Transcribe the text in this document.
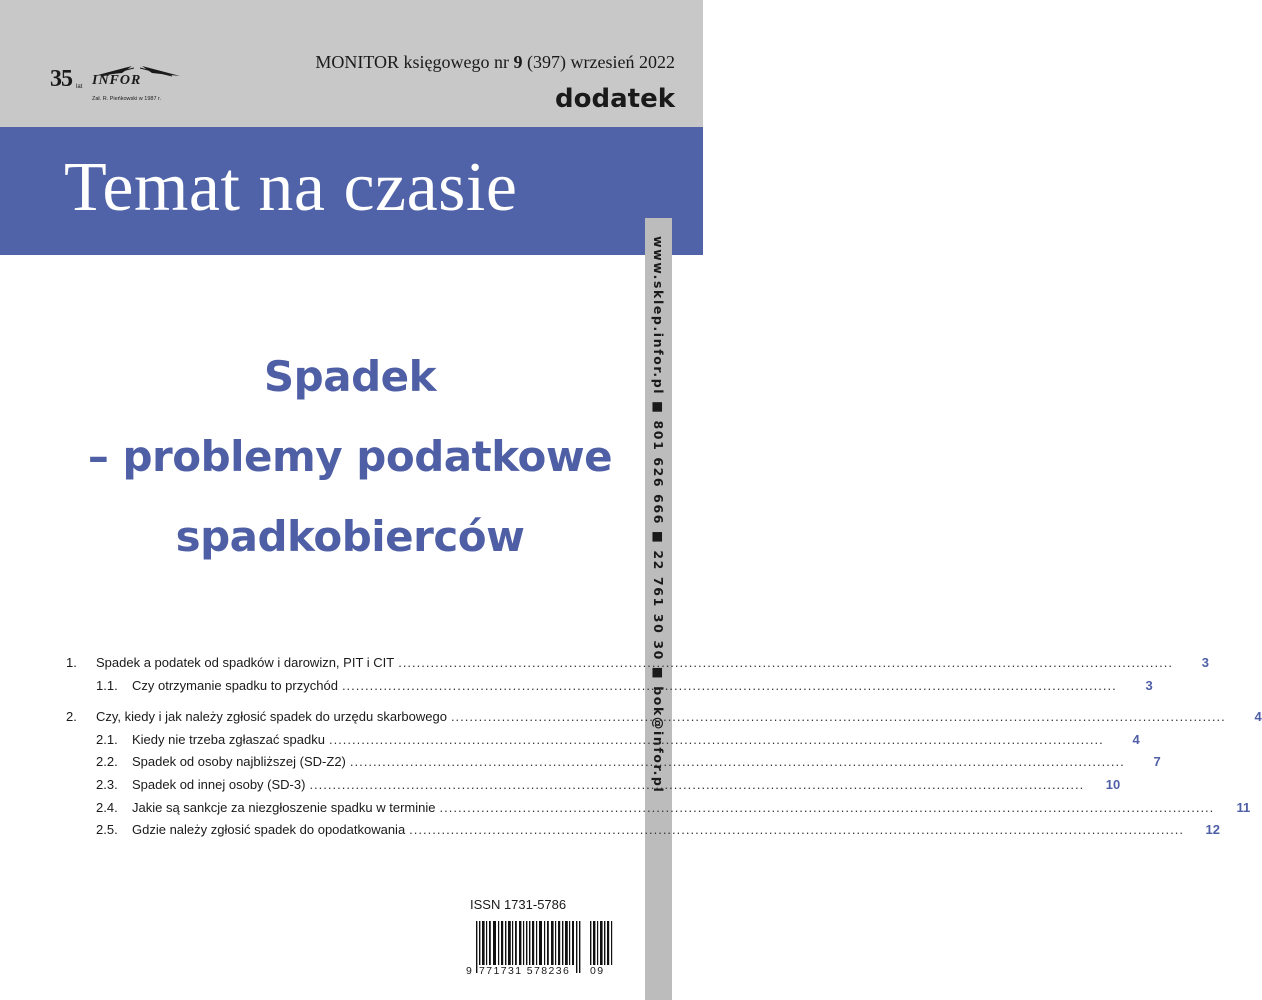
35 lat INFOR
Zał. R. Pieńkowski w 1987 r.
MONITOR księgowego nr 9 (397) wrzesień 2022
dodatek
Temat na czasie
www.sklep.infor.pl ■ 801 626 666 ■ 22 761 30 30 ■ bok@infor.pl
Spadek
– problemy podatkowe
spadkobierców
1.	Spadek a podatek od spadków i darowizn, PIT i CIT ........................................................................................................................................................................	3
1.1.	Czy otrzymanie spadku to przychód ........................................................................................................................................................................	3
2.	Czy, kiedy i jak należy zgłosić spadek do urzędu skarbowego ........................................................................................................................................................................	4
2.1.	Kiedy nie trzeba zgłaszać spadku ........................................................................................................................................................................	4
2.2.	Spadek od osoby najbliższej (SD-Z2) ........................................................................................................................................................................	7
2.3.	Spadek od innej osoby (SD-3) ........................................................................................................................................................................	10
2.4.	Jakie są sankcje za niezgłoszenie spadku w terminie ........................................................................................................................................................................	11
2.5.	Gdzie należy zgłosić spadek do opodatkowania ........................................................................................................................................................................	12
ISSN 1731-5786
9 771731 578236 09
